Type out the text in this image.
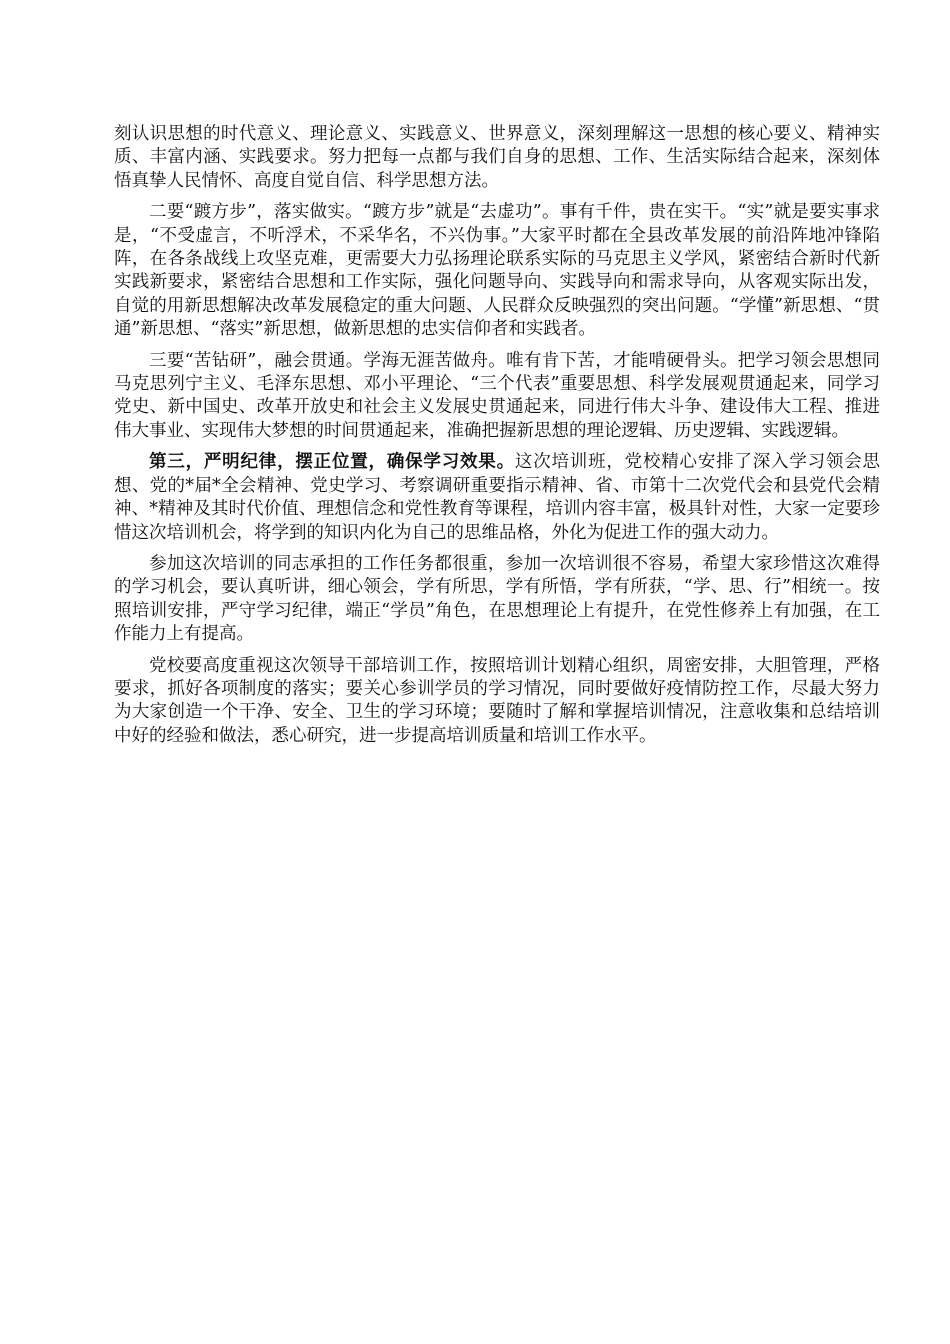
刻认识思想的时代意义、理论意义、实践意义、世界意义，深刻理解这一思想的核心要义、精神实质、丰富内涵、实践要求。努力把每一点都与我们自身的思想、工作、生活实际结合起来，深刻体悟真挚人民情怀、高度自觉自信、科学思想方法。

二要“踱方步”，落实做实。“踱方步”就是“去虚功”。事有千件，贵在实干。“实”就是要实事求是，“不受虚言，不听浮术，不采华名，不兴伪事。”大家平时都在全县改革发展的前沿阵地冲锋陷阵，在各条战线上攻坚克难，更需要大力弘扬理论联系实际的马克思主义学风，紧密结合新时代新实践新要求，紧密结合思想和工作实际，强化问题导向、实践导向和需求导向，从客观实际出发，自觉的用新思想解决改革发展稳定的重大问题、人民群众反映强烈的突出问题。“学懂”新思想、“贯通”新思想、“落实”新思想，做新思想的忠实信仰者和实践者。

三要“苦钻研”，融会贯通。学海无涯苦做舟。唯有肯下苦，才能啃硬骨头。把学习领会思想同马克思列宁主义、毛泽东思想、邓小平理论、“三个代表”重要思想、科学发展观贯通起来，同学习党史、新中国史、改革开放史和社会主义发展史贯通起来，同进行伟大斗争、建设伟大工程、推进伟大事业、实现伟大梦想的时间贯通起来，准确把握新思想的理论逻辑、历史逻辑、实践逻辑。

第三，严明纪律，摆正位置，确保学习效果。这次培训班，党校精心安排了深入学习领会思想、党的*届*全会精神、党史学习、考察调研重要指示精神、省、市第十二次党代会和县党代会精神、*精神及其时代价值、理想信念和党性教育等课程，培训内容丰富，极具针对性，大家一定要珍惜这次培训机会，将学到的知识内化为自己的思维品格，外化为促进工作的强大动力。

参加这次培训的同志承担的工作任务都很重，参加一次培训很不容易，希望大家珍惜这次难得的学习机会，要认真听讲，细心领会，学有所思，学有所悟，学有所获，“学、思、行”相统一。按照培训安排，严守学习纪律，端正“学员”角色，在思想理论上有提升，在党性修养上有加强，在工作能力上有提高。

党校要高度重视这次领导干部培训工作，按照培训计划精心组织，周密安排，大胆管理，严格要求，抓好各项制度的落实；要关心参训学员的学习情况，同时要做好疫情防控工作，尽最大努力为大家创造一个干净、安全、卫生的学习环境；要随时了解和掌握培训情况，注意收集和总结培训中好的经验和做法，悉心研究，进一步提高培训质量和培训工作水平。
